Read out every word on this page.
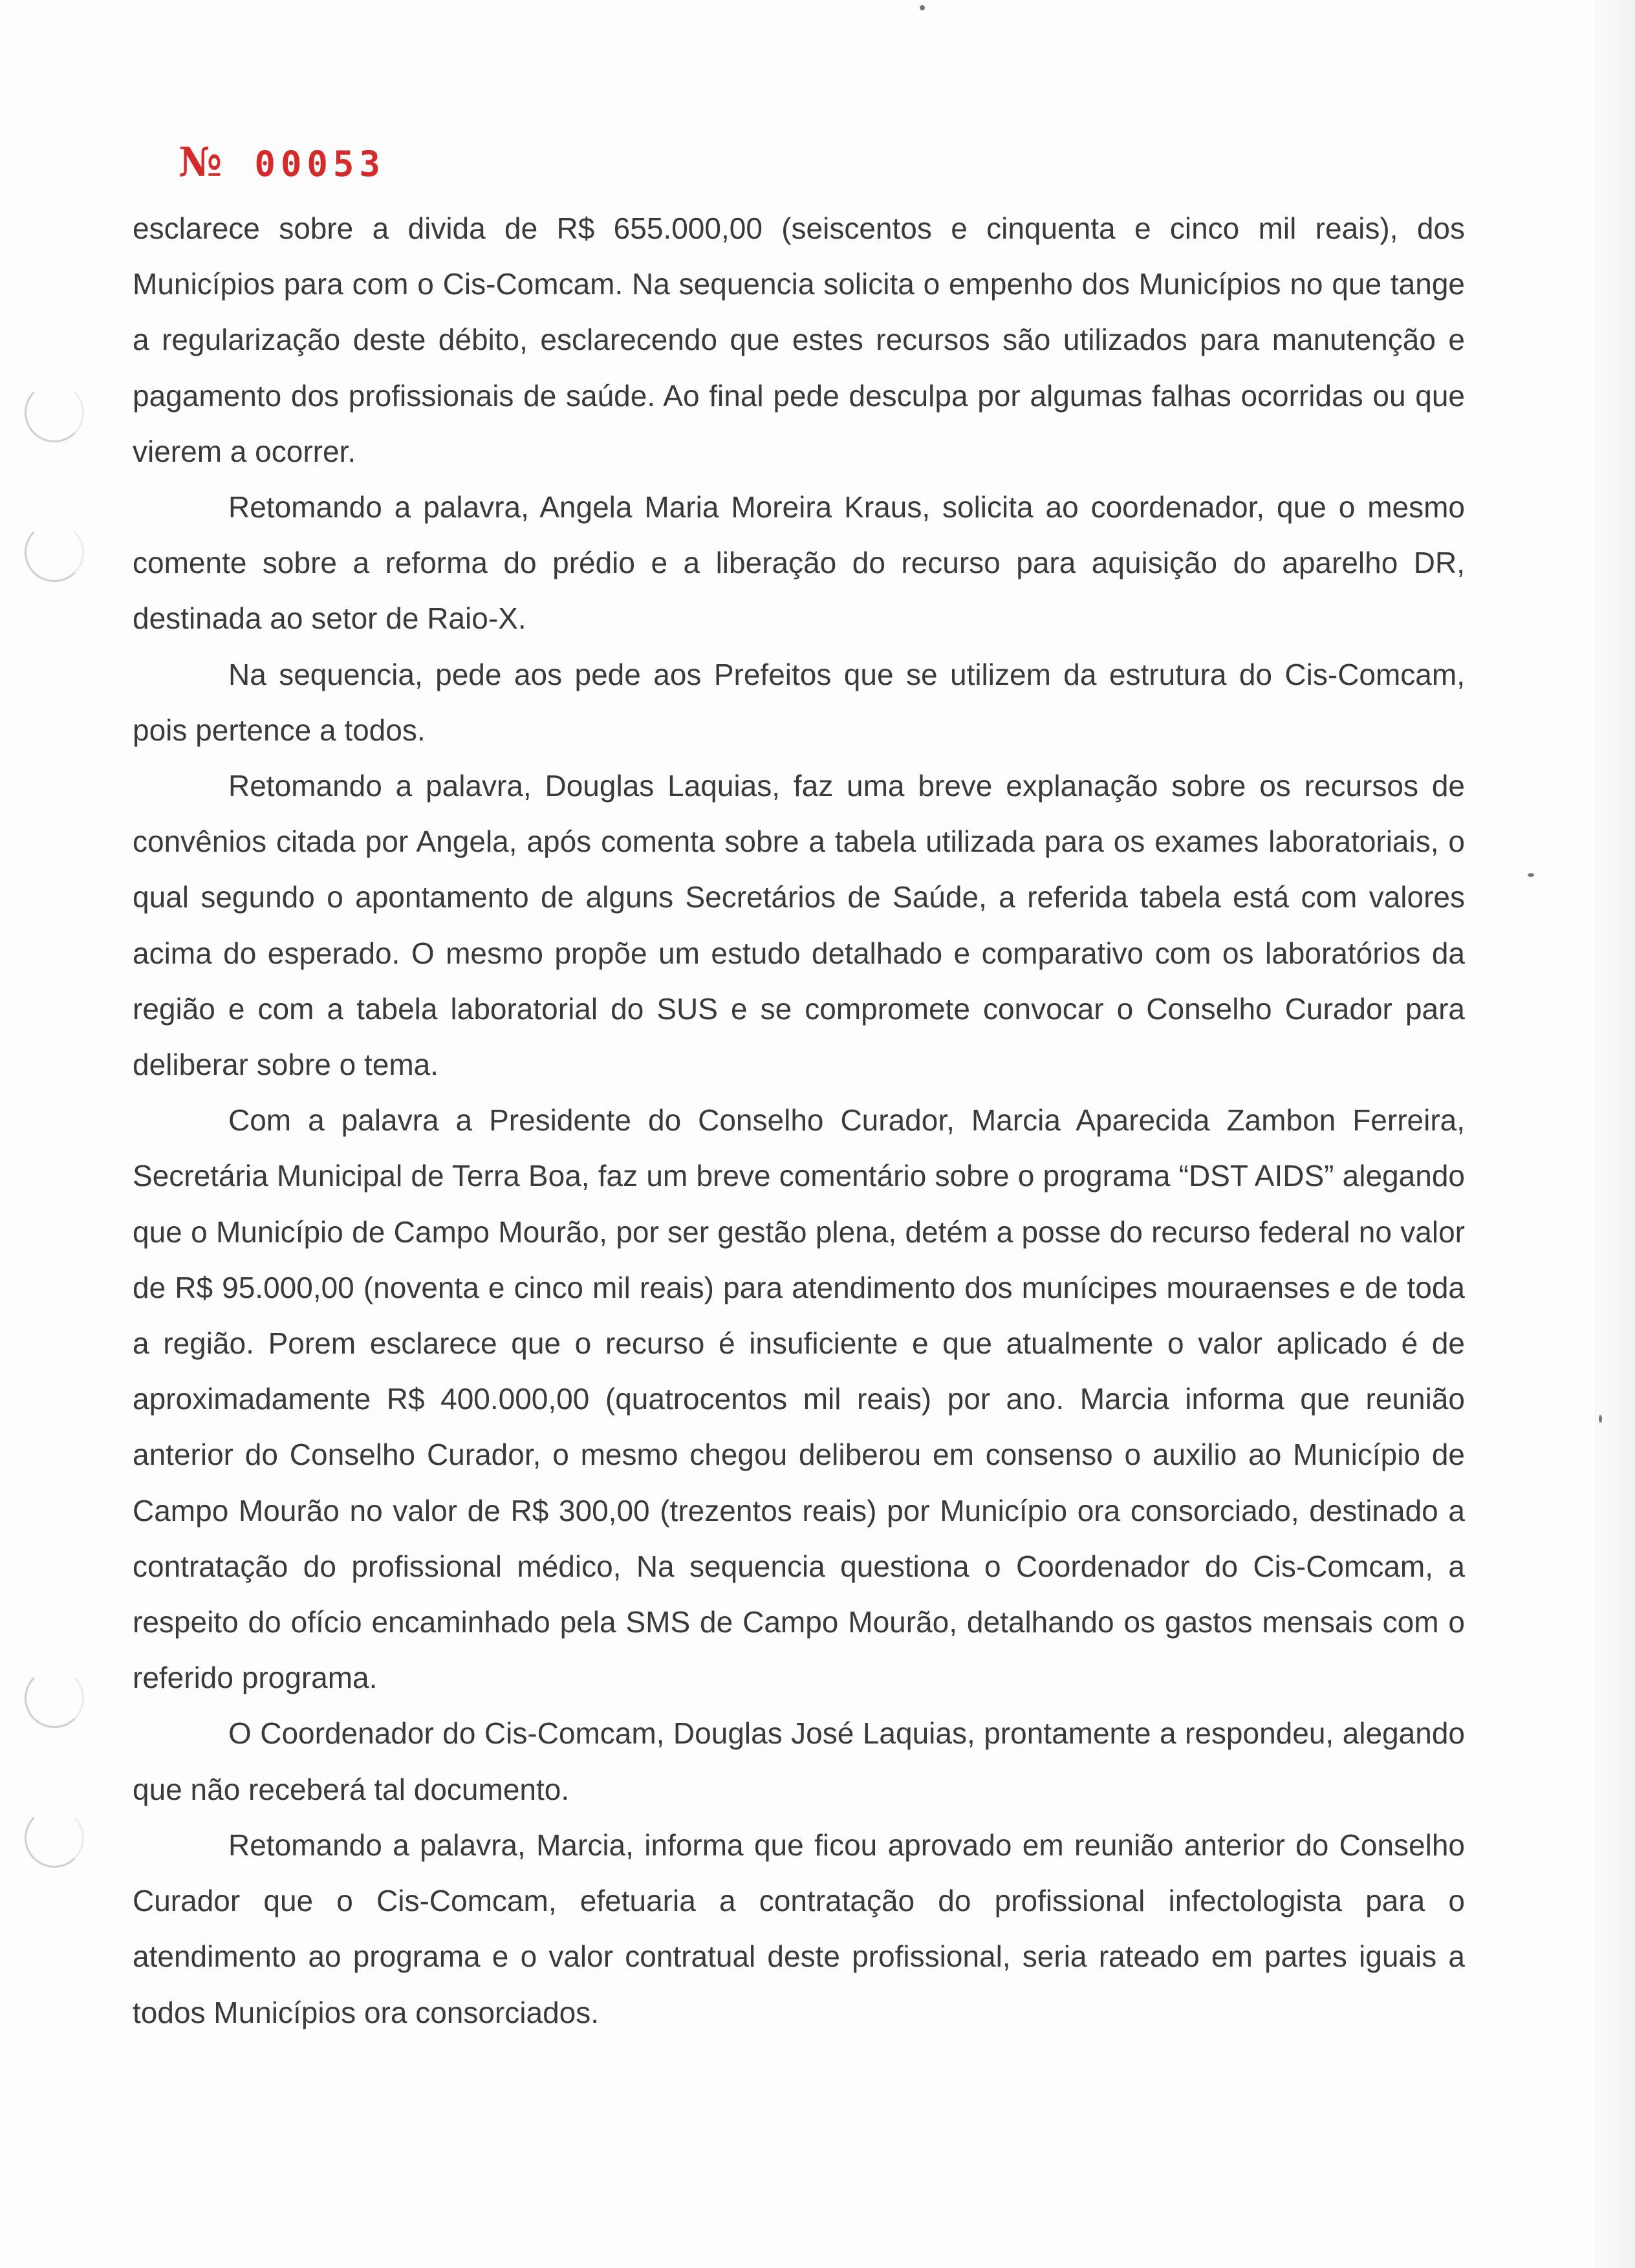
№ 00053

esclarece sobre a divida de R$ 655.000,00 (seiscentos e cinquenta e cinco mil reais), dos Municípios para com o Cis-Comcam. Na sequencia solicita o empenho dos Municípios no que tange a regularização deste débito, esclarecendo que estes recursos são utilizados para manutenção e pagamento dos profissionais de saúde. Ao final pede desculpa por algumas falhas ocorridas ou que vierem a ocorrer.

Retomando a palavra, Angela Maria Moreira Kraus, solicita ao coordenador, que o mesmo comente sobre a reforma do prédio e a liberação do recurso para aquisição do aparelho DR, destinada ao setor de Raio-X.

Na sequencia, pede aos pede aos Prefeitos que se utilizem da estrutura do Cis-Comcam, pois pertence a todos.

Retomando a palavra, Douglas Laquias, faz uma breve explanação sobre os recursos de convênios citada por Angela, após comenta sobre a tabela utilizada para os exames laboratoriais, o qual segundo o apontamento de alguns Secretários de Saúde, a referida tabela está com valores acima do esperado. O mesmo propõe um estudo detalhado e comparativo com os laboratórios da região e com a tabela laboratorial do SUS e se compromete convocar o Conselho Curador para deliberar sobre o tema.

Com a palavra a Presidente do Conselho Curador, Marcia Aparecida Zambon Ferreira, Secretária Municipal de Terra Boa, faz um breve comentário sobre o programa “DST AIDS” alegando que o Município de Campo Mourão, por ser gestão plena, detém a posse do recurso federal no valor de R$ 95.000,00 (noventa e cinco mil reais) para atendimento dos munícipes mouraenses e de toda a região. Porem esclarece que o recurso é insuficiente e que atualmente o valor aplicado é de aproximadamente R$ 400.000,00 (quatrocentos mil reais) por ano. Marcia informa que reunião anterior do Conselho Curador, o mesmo chegou deliberou em consenso o auxilio ao Município de Campo Mourão no valor de R$ 300,00 (trezentos reais) por Município ora consorciado, destinado a contratação do profissional médico, Na sequencia questiona o Coordenador do Cis-Comcam, a respeito do ofício encaminhado pela SMS de Campo Mourão, detalhando os gastos mensais com o referido programa.

O Coordenador do Cis-Comcam, Douglas José Laquias, prontamente a respondeu, alegando que não receberá tal documento.

Retomando a palavra, Marcia, informa que ficou aprovado em reunião anterior do Conselho Curador que o Cis-Comcam, efetuaria a contratação do profissional infectologista para o atendimento ao programa e o valor contratual deste profissional, seria rateado em partes iguais a todos Municípios ora consorciados.
